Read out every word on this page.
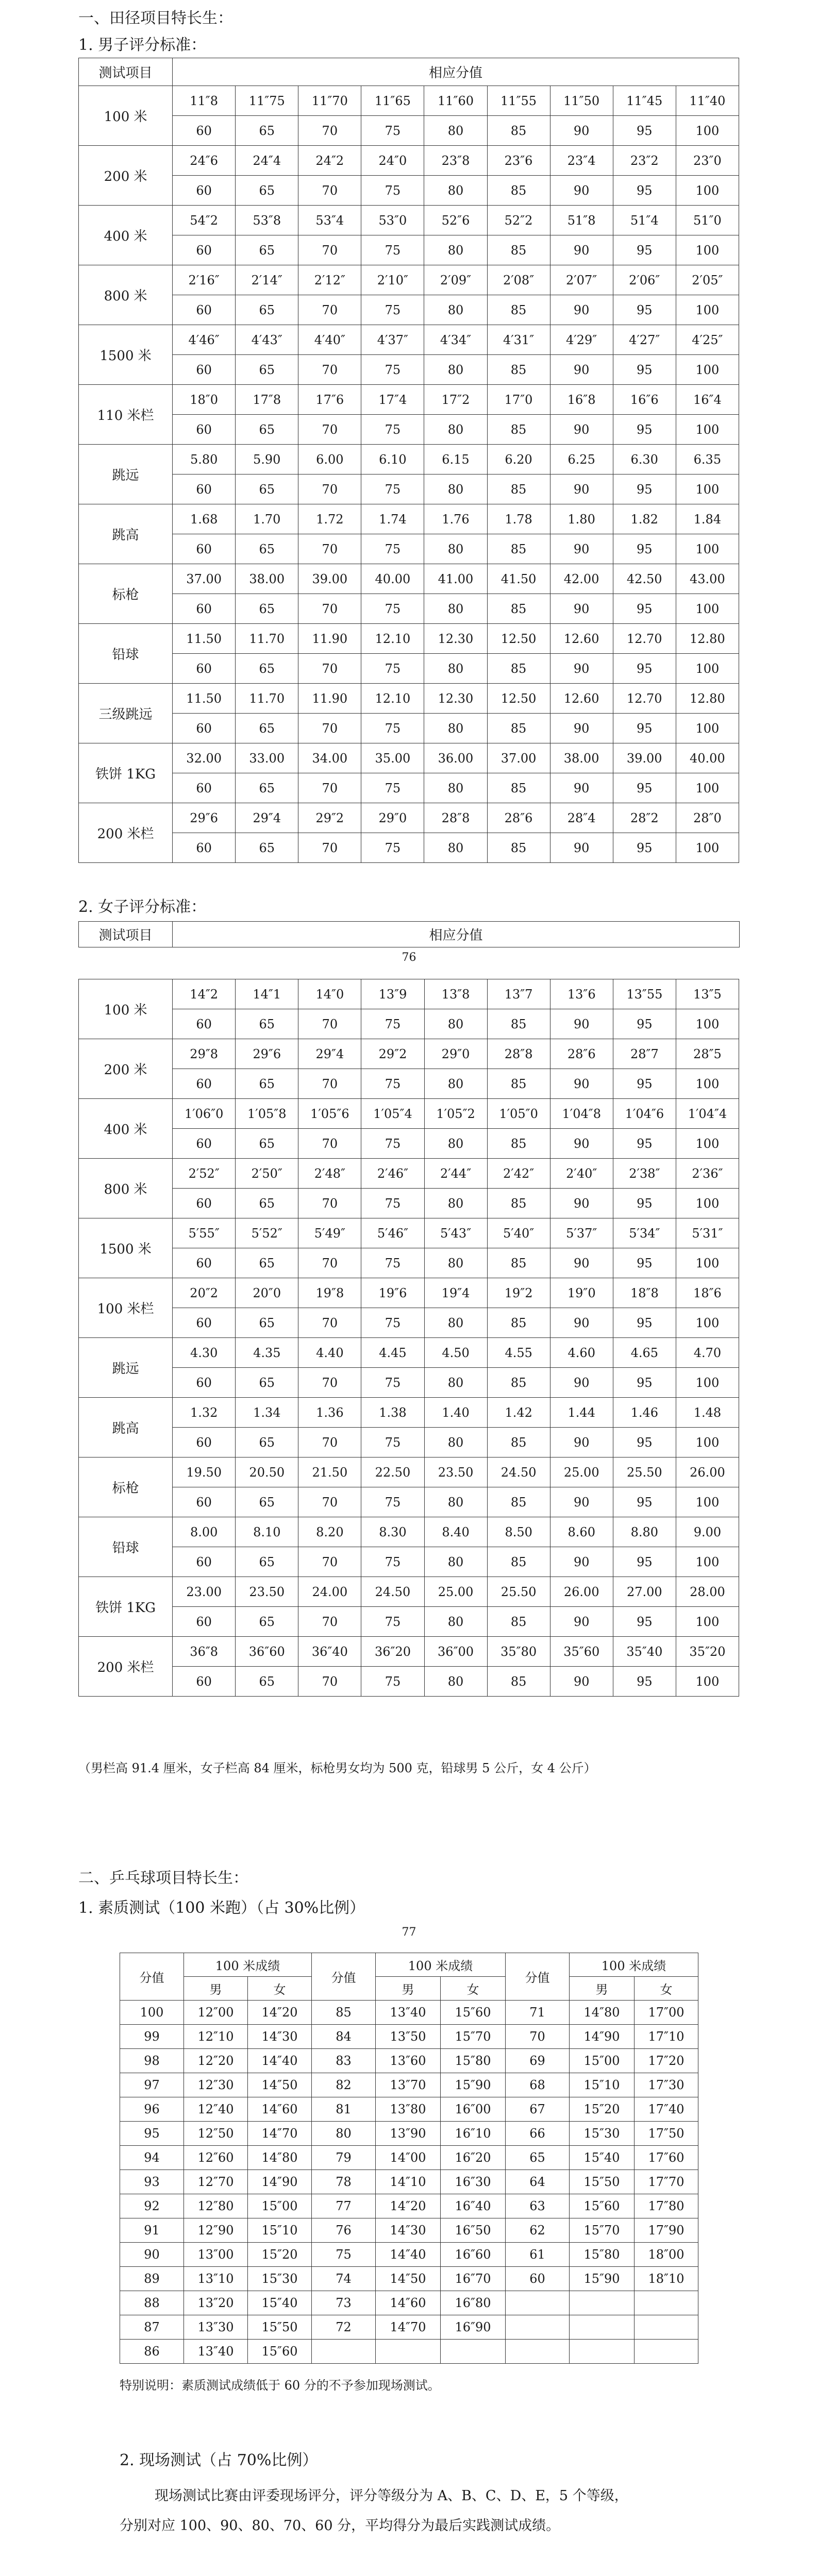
一、田径项目特长生：
1. 男子评分标准：
测试项目	相应分值								
100 米	11″8	11″75	11″70	11″65	11″60	11″55	11″50	11″45	11″40
	60	65	70	75	80	85	90	95	100
200 米	24″6	24″4	24″2	24″0	23″8	23″6	23″4	23″2	23″0
	60	65	70	75	80	85	90	95	100
400 米	54″2	53″8	53″4	53″0	52″6	52″2	51″8	51″4	51″0
	60	65	70	75	80	85	90	95	100
800 米	2′16″	2′14″	2′12″	2′10″	2′09″	2′08″	2′07″	2′06″	2′05″
	60	65	70	75	80	85	90	95	100
1500 米	4′46″	4′43″	4′40″	4′37″	4′34″	4′31″	4′29″	4′27″	4′25″
	60	65	70	75	80	85	90	95	100
110 米栏	18″0	17″8	17″6	17″4	17″2	17″0	16″8	16″6	16″4
	60	65	70	75	80	85	90	95	100
跳远	5.80	5.90	6.00	6.10	6.15	6.20	6.25	6.30	6.35
	60	65	70	75	80	85	90	95	100
跳高	1.68	1.70	1.72	1.74	1.76	1.78	1.80	1.82	1.84
	60	65	70	75	80	85	90	95	100
标枪	37.00	38.00	39.00	40.00	41.00	41.50	42.00	42.50	43.00
	60	65	70	75	80	85	90	95	100
铅球	11.50	11.70	11.90	12.10	12.30	12.50	12.60	12.70	12.80
	60	65	70	75	80	85	90	95	100
三级跳远	11.50	11.70	11.90	12.10	12.30	12.50	12.60	12.70	12.80
	60	65	70	75	80	85	90	95	100
铁饼 1KG	32.00	33.00	34.00	35.00	36.00	37.00	38.00	39.00	40.00
	60	65	70	75	80	85	90	95	100
200 米栏	29″6	29″4	29″2	29″0	28″8	28″6	28″4	28″2	28″0
	60	65	70	75	80	85	90	95	100
2. 女子评分标准：
测试项目	相应分值
76
100 米	14″2	14″1	14″0	13″9	13″8	13″7	13″6	13″55	13″5
	60	65	70	75	80	85	90	95	100
200 米	29″8	29″6	29″4	29″2	29″0	28″8	28″6	28″7	28″5
	60	65	70	75	80	85	90	95	100
400 米	1′06″0	1′05″8	1′05″6	1′05″4	1′05″2	1′05″0	1′04″8	1′04″6	1′04″4
	60	65	70	75	80	85	90	95	100
800 米	2′52″	2′50″	2′48″	2′46″	2′44″	2′42″	2′40″	2′38″	2′36″
	60	65	70	75	80	85	90	95	100
1500 米	5′55″	5′52″	5′49″	5′46″	5′43″	5′40″	5′37″	5′34″	5′31″
	60	65	70	75	80	85	90	95	100
100 米栏	20″2	20″0	19″8	19″6	19″4	19″2	19″0	18″8	18″6
	60	65	70	75	80	85	90	95	100
跳远	4.30	4.35	4.40	4.45	4.50	4.55	4.60	4.65	4.70
	60	65	70	75	80	85	90	95	100
跳高	1.32	1.34	1.36	1.38	1.40	1.42	1.44	1.46	1.48
	60	65	70	75	80	85	90	95	100
标枪	19.50	20.50	21.50	22.50	23.50	24.50	25.00	25.50	26.00
	60	65	70	75	80	85	90	95	100
铅球	8.00	8.10	8.20	8.30	8.40	8.50	8.60	8.80	9.00
	60	65	70	75	80	85	90	95	100
铁饼 1KG	23.00	23.50	24.00	24.50	25.00	25.50	26.00	27.00	28.00
	60	65	70	75	80	85	90	95	100
200 米栏	36″8	36″60	36″40	36″20	36″00	35″80	35″60	35″40	35″20
	60	65	70	75	80	85	90	95	100
（男栏高 91.4 厘米，女子栏高 84 厘米，标枪男女均为 500 克，铅球男 5 公斤，女 4 公斤）
二、乒乓球项目特长生：
1. 素质测试（100 米跑）（占 30%比例）
77
分值	100 米成绩		分值	100 米成绩		分值	100 米成绩	
	男	女		男	女		男	女
100	12″00	14″20	85	13″40	15″60	71	14″80	17″00
99	12″10	14″30	84	13″50	15″70	70	14″90	17″10
98	12″20	14″40	83	13″60	15″80	69	15″00	17″20
97	12″30	14″50	82	13″70	15″90	68	15″10	17″30
96	12″40	14″60	81	13″80	16″00	67	15″20	17″40
95	12″50	14″70	80	13″90	16″10	66	15″30	17″50
94	12″60	14″80	79	14″00	16″20	65	15″40	17″60
93	12″70	14″90	78	14″10	16″30	64	15″50	17″70
92	12″80	15″00	77	14″20	16″40	63	15″60	17″80
91	12″90	15″10	76	14″30	16″50	62	15″70	17″90
90	13″00	15″20	75	14″40	16″60	61	15″80	18″00
89	13″10	15″30	74	14″50	16″70	60	15″90	18″10
88	13″20	15″40	73	14″60	16″80			
87	13″30	15″50	72	14″70	16″90			
86	13″40	15″60						
特别说明：素质测试成绩低于 60 分的不予参加现场测试。
2. 现场测试（占 70%比例）
现场测试比赛由评委现场评分，评分等级分为 A、B、C、D、E，5 个等级，
分别对应 100、90、80、70、60 分，平均得分为最后实践测试成绩。
